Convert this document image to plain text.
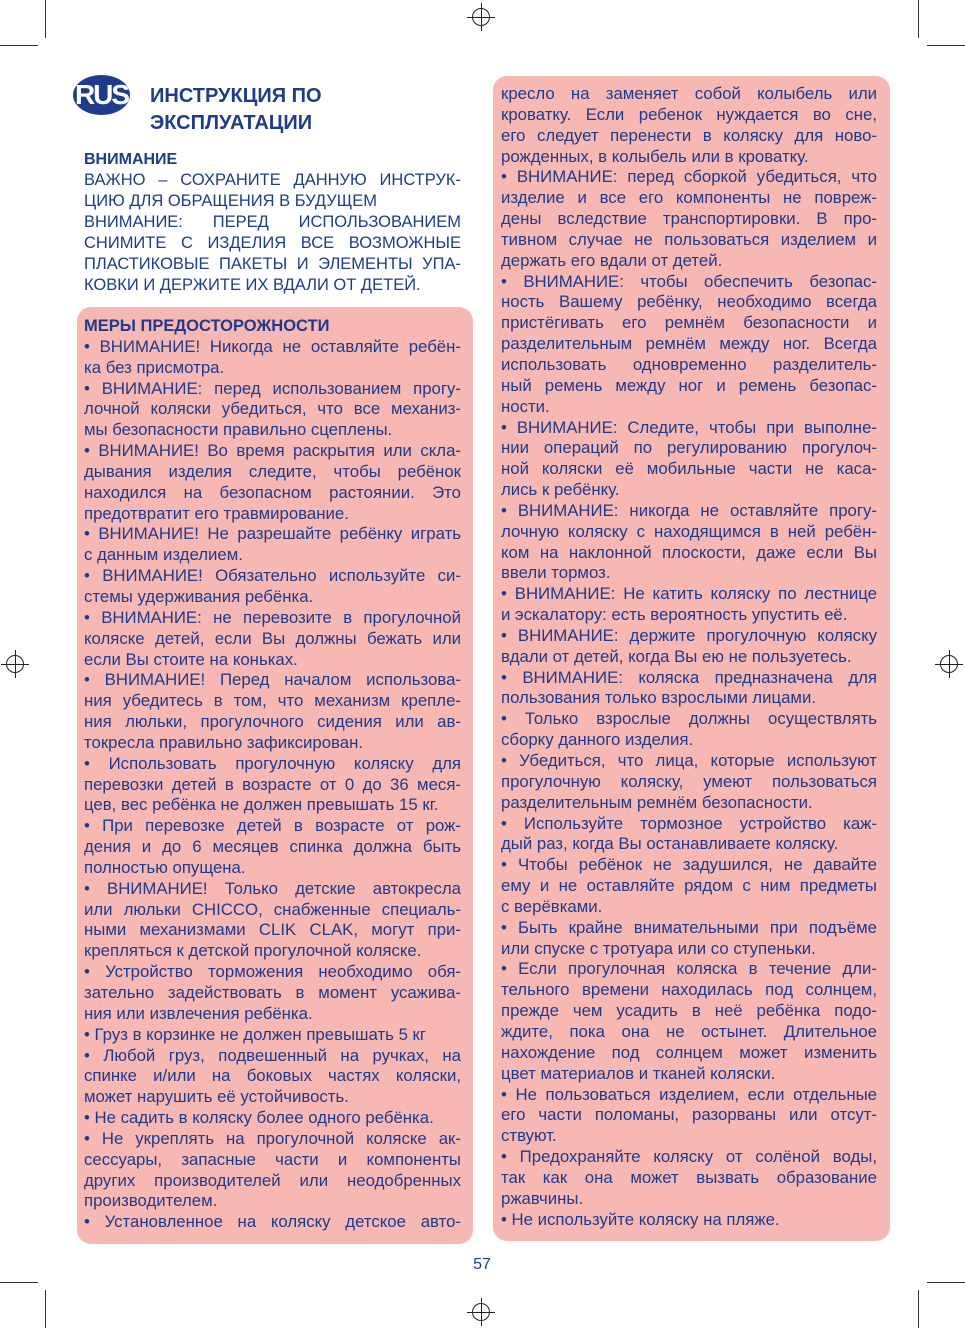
RUS ИНСТРУКЦИЯ ПО
ЭКСПЛУАТАЦИИ
ВНИМАНИЕ
ВАЖНО – СОХРАНИТЕ ДАННУЮ ИНСТРУК-
ЦИЮ ДЛЯ ОБРАЩЕНИЯ В БУДУЩЕМ
ВНИМАНИЕ: ПЕРЕД ИСПОЛЬЗОВАНИЕМ
СНИМИТЕ С ИЗДЕЛИЯ ВСЕ ВОЗМОЖНЫЕ
ПЛАСТИКОВЫЕ ПАКЕТЫ И ЭЛЕМЕНТЫ УПА-
КОВКИ И ДЕРЖИТЕ ИХ ВДАЛИ ОТ ДЕТЕЙ.
МЕРЫ ПРЕДОСТОРОЖНОСТИ
• ВНИМАНИЕ! Никогда не оставляйте ребён-
ка без присмотра.
• ВНИМАНИЕ: перед использованием прогу-
лочной коляски убедиться, что все механиз-
мы безопасности правильно сцеплены.
• ВНИМАНИЕ! Во время раскрытия или скла-
дывания изделия следите, чтобы ребёнок
находился на безопасном растоянии. Это
предотвратит его травмирование.
• ВНИМАНИЕ! Не разрешайте ребёнку играть
с данным изделием.
• ВНИМАНИЕ! Обязательно используйте си-
стемы удерживания ребёнка.
• ВНИМАНИЕ: не перевозите в прогулочной
коляске детей, если Вы должны бежать или
если Вы стоите на коньках.
• ВНИМАНИЕ! Перед началом использова-
ния убедитесь в том, что механизм крепле-
ния люльки, прогулочного сидения или ав-
токресла правильно зафиксирован.
• Использовать прогулочную коляску для
перевозки детей в возрасте от 0 до 36 меся-
цев, вес ребёнка не должен превышать 15 кг.
• При перевозке детей в возрасте от рож-
дения и до 6 месяцев спинка должна быть
полностью опущена.
• ВНИМАНИЕ! Только детские автокресла
или люльки CHICCO, снабженные специаль-
ными механизмами CLIK CLAK, могут при-
крепляться к детской прогулочной коляске.
• Устройство торможения необходимо обя-
зательно задействовать в момент усажива-
ния или извлечения ребёнка.
• Груз в корзинке не должен превышать 5 кг
• Любой груз, подвешенный на ручках, на
спинке и/или на боковых частях коляски,
может нарушить её устойчивость.
• Не садить в коляску более одного ребёнка.
• Не укреплять на прогулочной коляске ак-
сессуары, запасные части и компоненты
других производителей или неодобренных
производителем.
• Установленное на коляску детское авто-
кресло на заменяет собой колыбель или
кроватку. Если ребенок нуждается во сне,
его следует перенести в коляску для ново-
рожденных, в колыбель или в кроватку.
• ВНИМАНИЕ: перед сборкой убедиться, что
изделие и все его компоненты не повреж-
дены вследствие транспортировки. В про-
тивном случае не пользоваться изделием и
держать его вдали от детей.
• ВНИМАНИЕ: чтобы обеспечить безопас-
ность Вашему ребёнку, необходимо всегда
пристёгивать его ремнём безопасности и
разделительным ремнём между ног. Всегда
использовать одновременно разделитель-
ный ремень между ног и ремень безопас-
ности.
• ВНИМАНИЕ: Следите, чтобы при выполне-
нии операций по регулированию прогулоч-
ной коляски её мобильные части не каса-
лись к ребёнку.
• ВНИМАНИЕ: никогда не оставляйте прогу-
лочную коляску с находящимся в ней ребён-
ком на наклонной плоскости, даже если Вы
ввели тормоз.
• ВНИМАНИЕ: Не катить коляску по лестнице
и эскалатору: есть вероятность упустить её.
• ВНИМАНИЕ: держите прогулочную коляску
вдали от детей, когда Вы ею не пользуетесь.
• ВНИМАНИЕ: коляска предназначена для
пользования только взрослыми лицами.
• Только взрослые должны осуществлять
сборку данного изделия.
• Убедиться, что лица, которые используют
прогулочную коляску, умеют пользоваться
разделительным ремнём безопасности.
• Используйте тормозное устройство каж-
дый раз, когда Вы останавливаете коляску.
• Чтобы ребёнок не задушился, не давайте
ему и не оставляйте рядом с ним предметы
с верёвками.
• Быть крайне внимательными при подъёме
или спуске с тротуара или со ступеньки.
• Если прогулочная коляска в течение дли-
тельного времени находилась под солнцем,
прежде чем усадить в неё ребёнка подо-
ждите, пока она не остынет. Длительное
нахождение под солнцем может изменить
цвет материалов и тканей коляски.
• Не пользоваться изделием, если отдельные
его части поломаны, разорваны или отсут-
ствуют.
• Предохраняйте коляску от солёной воды,
так как она может вызвать образование
ржавчины.
• Не используйте коляску на пляже.
57
